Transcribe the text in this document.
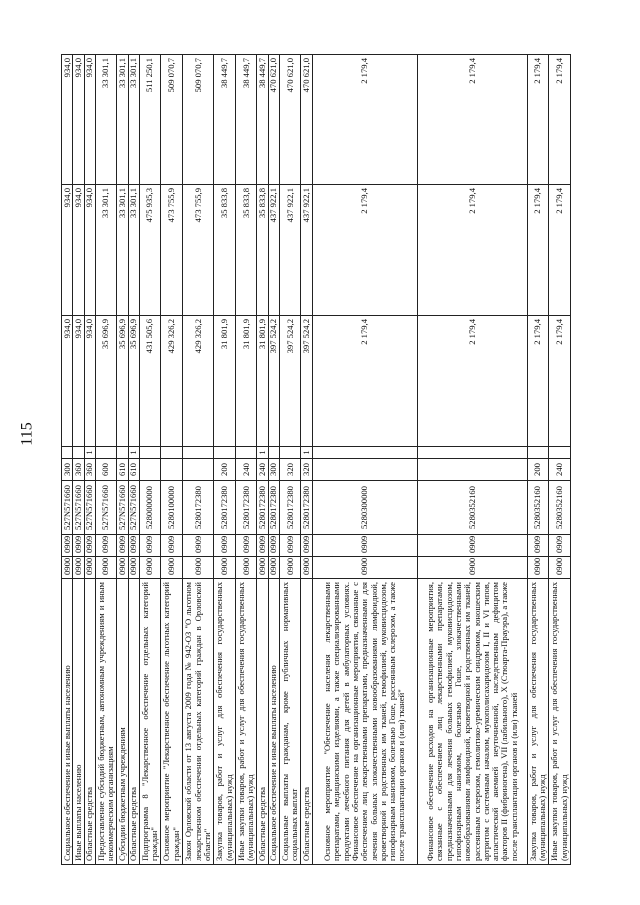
115
Социальное обеспечение и иные выплаты населению	0900	0909	527N571660	300		934,0	934,0	934,0
Иные выплаты населению	0900	0909	527N571660	360		934,0	934,0	934,0
Областные средства	0900	0909	527N571660	360	1	934,0	934,0	934,0
Предоставление субсидий бюджетным, автономным учреждениям и иным некоммерческим организациям	0900	0909	527N571660	600		35 696,9	33 301,1	33 301,1
Субсидии бюджетным учреждениям	0900	0909	527N571660	610		35 696,9	33 301,1	33 301,1
Областные средства	0900	0909	527N571660	610	1	35 696,9	33 301,1	33 301,1
Подпрограмма 8 "Лекарственное обеспечение отдельных категорий граждан"	0900	0909	5280000000			431 505,6	475 935,3	511 250,1
Основное мероприятие "Лекарственное обеспечение льготных категорий граждан"	0900	0909	5280100000			429 326,2	473 755,9	509 070,7
Закон Орловской области от 13 августа 2009 года № 942-ОЗ "О льготном лекарственном обеспечении отдельных категорий граждан в Орловской области"	0900	0909	5280172380			429 326,2	473 755,9	509 070,7
Закупка товаров, работ и услуг для обеспечения государственных (муниципальных) нужд	0900	0909	5280172380	200		31 801,9	35 833,8	38 449,7
Иные закупки товаров, работ и услуг для обеспечения государственных (муниципальных) нужд	0900	0909	5280172380	240		31 801,9	35 833,8	38 449,7
Областные средства	0900	0909	5280172380	240	1	31 801,9	35 833,8	38 449,7
Социальное обеспечение и иные выплаты населению	0900	0909	5280172380	300		397 524,2	437 922,1	470 621,0
Социальные выплаты гражданам, кроме публичных нормативных социальных выплат	0900	0909	5280172380	320		397 524,2	437 922,1	470 621,0
Областные средства	0900	0909	5280172380	320	1	397 524,2	437 922,1	470 621,0
Основное мероприятие "Обеспечение населения лекарственными препаратами, медицинскими изделиями, а также специализированными продуктами лечебного питания для детей в амбулаторных условиях. Финансовое обеспечение на организационные мероприятия, связанные с обеспечением лиц лекарственными препаратами, предназначенными для лечения больных злокачественными новообразованиями лимфоидной, кроветворной и родственных им тканей, гемофилией, муковисцидозом, гипофизарным нанизмом, болезнью Гоше, рассеянным склерозом, а также после трансплантации органов и (или) тканей"	0900	0909	5280300000			2 179,4	2 179,4	2 179,4
Финансовое обеспечение расходов на организационные мероприятия, связанные с обеспечением лиц лекарственными препаратами, предназначенными для лечения больных гемофилией, муковисцидозом, гипофизарным нанизмом, болезнью Гоше, злокачественными новообразованиями лимфоидной, кроветворной и родственных им тканей, рассеянным склерозом, гемолитико-уремическим синдромом, юношеским артритом с системным началом, мукополисахаридозом I, II и VI типов, апластической анемией неуточненной, наследственным дефицитом факторов II (фибриногена), VII (лабильного), X (Стюарта-Прауэра), а также после трансплантации органов и (или) тканей	0900	0909	5280352160			2 179,4	2 179,4	2 179,4
Закупка товаров, работ и услуг для обеспечения государственных (муниципальных) нужд	0900	0909	5280352160	200		2 179,4	2 179,4	2 179,4
Иные закупки товаров, работ и услуг для обеспечения государственных (муниципальных) нужд	0900	0909	5280352160	240		2 179,4	2 179,4	2 179,4
